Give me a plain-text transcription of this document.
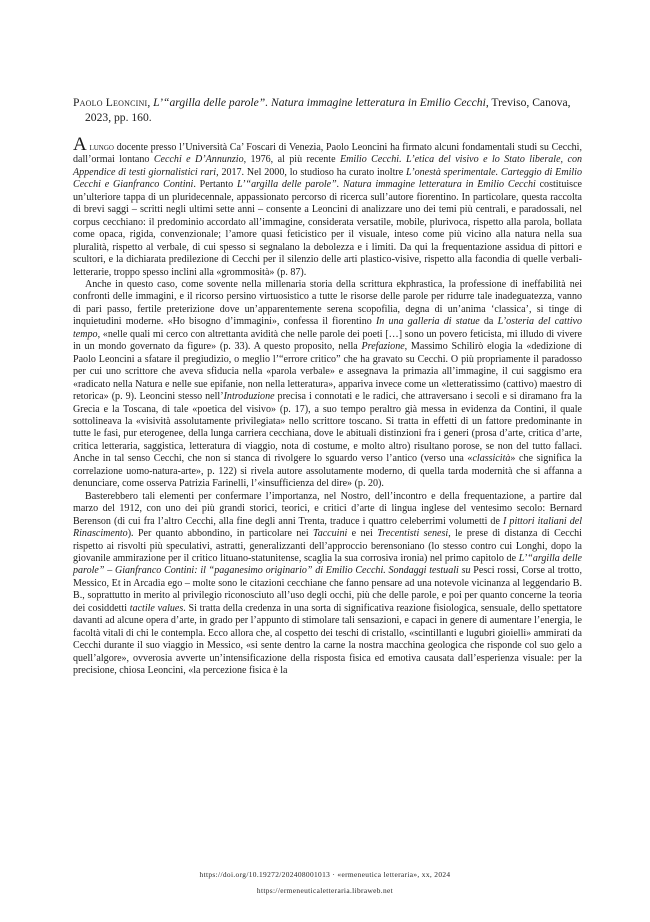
Paolo Leoncini, L’“argilla delle parole”. Natura immagine letteratura in Emilio Cecchi, Treviso, Canova, 2023, pp. 160.

A lungo docente presso l’Università Ca’ Foscari di Venezia, Paolo Leoncini ha firmato alcuni fondamentali studi su Cecchi, dall’ormai lontano Cecchi e D’Annunzio, 1976, al più recente Emilio Cecchi. L’etica del visivo e lo Stato liberale, con Appendice di testi giornalistici rari, 2017. Nel 2000, lo studioso ha curato inoltre L’onestà sperimentale. Carteggio di Emilio Cecchi e Gianfranco Contini. Pertanto L’“argilla delle parole”. Natura immagine letteratura in Emilio Cecchi costituisce un’ulteriore tappa di un pluridecennale, appassionato percorso di ricerca sull’autore fiorentino. In particolare, questa raccolta di brevi saggi – scritti negli ultimi sette anni – consente a Leoncini di analizzare uno dei temi più centrali, e paradossali, nel corpus cecchiano: il predominio accordato all’immagine, considerata versatile, mobile, plurivoca, rispetto alla parola, bollata come opaca, rigida, convenzionale; l’amore quasi feticistico per il visuale, inteso come più vicino alla natura nella sua pluralità, rispetto al verbale, di cui spesso si segnalano la debolezza e i limiti. Da qui la frequentazione assidua di pittori e scultori, e la dichiarata predilezione di Cecchi per il silenzio delle arti plastico-visive, rispetto alla facondia di quelle verbali-letterarie, troppo spesso inclini alla «grommosità» (p. 87).

Anche in questo caso, come sovente nella millenaria storia della scrittura ekphrastica, la professione di ineffabilità nei confronti delle immagini, e il ricorso persino virtuosistico a tutte le risorse delle parole per ridurre tale inadeguatezza, vanno di pari passo, fertile preterizione dove un’apparentemente serena scopofilia, degna di un’anima ‘classica’, si tinge di inquietudini moderne. «Ho bisogno d’immagini», confessa il fiorentino In una galleria di statue da L’osteria del cattivo tempo, «nelle quali mi cerco con altrettanta avidità che nelle parole dei poeti […] sono un povero feticista, mi illudo di vivere in un mondo governato da figure» (p. 33). A questo proposito, nella Prefazione, Massimo Schilirò elogia la «dedizione di Paolo Leoncini a sfatare il pregiudizio, o meglio l’“errore critico” che ha gravato su Cecchi. O più propriamente il paradosso per cui uno scrittore che aveva sfiducia nella «parola verbale» e assegnava la primazia all’immagine, il cui saggismo era «radicato nella Natura e nelle sue epifanie, non nella letteratura», appariva invece come un «letteratissimo (cattivo) maestro di retorica» (p. 9). Leoncini stesso nell’Introduzione precisa i connotati e le radici, che attraversano i secoli e si diramano fra la Grecia e la Toscana, di tale «poetica del visivo» (p. 17), a suo tempo peraltro già messa in evidenza da Contini, il quale sottolineava la «visività assolutamente privilegiata» nello scrittore toscano. Si tratta in effetti di un fattore predominante in tutte le fasi, pur eterogenee, della lunga carriera cecchiana, dove le abituali distinzioni fra i generi (prosa d’arte, critica d’arte, critica letteraria, saggistica, letteratura di viaggio, nota di costume, e molto altro) risultano porose, se non del tutto fallaci. Anche in tal senso Cecchi, che non si stanca di rivolgere lo sguardo verso l’antico (verso una «classicità» che significa la correlazione uomo-natura-arte», p. 122) si rivela autore assolutamente moderno, di quella tarda modernità che si affanna a denunciare, come osserva Patrizia Farinelli, l’«insufficienza del dire» (p. 20).

Basterebbero tali elementi per confermare l’importanza, nel Nostro, dell’incontro e della frequentazione, a partire dal marzo del 1912, con uno dei più grandi storici, teorici, e critici d’arte di lingua inglese del ventesimo secolo: Bernard Berenson (di cui fra l’altro Cecchi, alla fine degli anni Trenta, traduce i quattro celeberrimi volumetti de I pittori italiani del Rinascimento). Per quanto abbondino, in particolare nei Taccuini e nei Trecentisti senesi, le prese di distanza di Cecchi rispetto ai risvolti più speculativi, astratti, generalizzanti dell’approccio berensoniano (lo stesso contro cui Longhi, dopo la giovanile ammirazione per il critico lituano-statunitense, scaglia la sua corrosiva ironia) nel primo capitolo de L’“argilla delle parole” – Gianfranco Contini: il “paganesimo originario” di Emilio Cecchi. Sondaggi testuali su Pesci rossi, Corse al trotto, Messico, Et in Arcadia ego – molte sono le citazioni cecchiane che fanno pensare ad una notevole vicinanza al leggendario B. B., soprattutto in merito al privilegio riconosciuto all’uso degli occhi, più che delle parole, e poi per quanto concerne la teoria dei cosiddetti tactile values. Si tratta della credenza in una sorta di significativa reazione fisiologica, sensuale, dello spettatore davanti ad alcune opera d’arte, in grado per l’appunto di stimolare tali sensazioni, e capaci in genere di aumentare l’energia, le facoltà vitali di chi le contempla. Ecco allora che, al cospetto dei teschi di cristallo, «scintillanti e lugubri gioielli» ammirati da Cecchi durante il suo viaggio in Messico, «si sente dentro la carne la nostra macchina geologica che risponde col suo gelo a quell’algore», ovverosia avverte un’intensificazione della risposta fisica ed emotiva causata dall’esperienza visuale: per la precisione, chiosa Leoncini, «la percezione fisica è la

https://doi.org/10.19272/202408001013 · «ermeneutica letteraria», xx, 2024
https://ermeneuticaletteraria.libraweb.net
